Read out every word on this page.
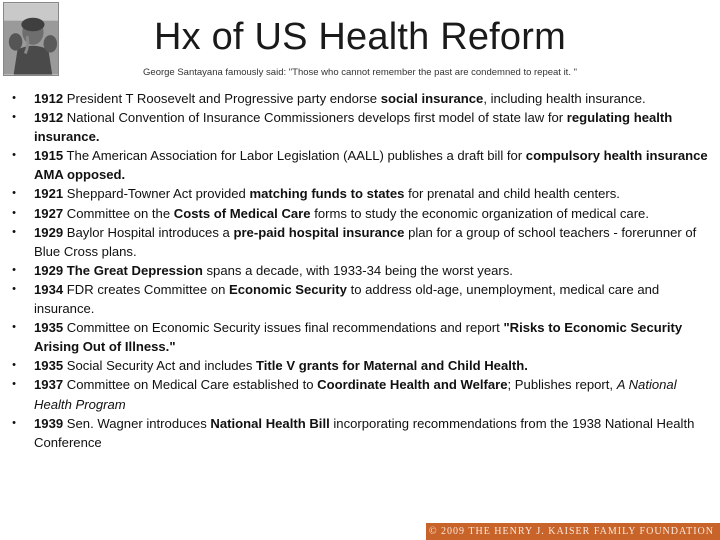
Hx of US Health Reform

George Santayana famously said: "Those who cannot remember the past are condemned to repeat it. "

•	1912 President T Roosevelt and Progressive party endorse social insurance, including health insurance.
•	1912 National Convention of Insurance Commissioners develops first model of state law for regulating health insurance.
•	1915 The American Association for Labor Legislation (AALL) publishes a draft bill for compulsory health insurance AMA opposed.
•	1921 Sheppard-Towner Act provided matching funds to states for prenatal and child health centers.
•	1927 Committee on the Costs of Medical Care forms to study the economic organization of medical care.
•	1929 Baylor Hospital introduces a pre-paid hospital insurance plan for a group of school teachers - forerunner of Blue Cross plans.
•	1929 The Great Depression spans a decade, with 1933-34 being the worst years.
•	1934 FDR creates Committee on Economic Security to address old-age, unemployment, medical care and insurance.
•	1935 Committee on Economic Security issues final recommendations and report "Risks to Economic Security Arising Out of Illness."
•	1935 Social Security Act and includes Title V grants for Maternal and Child Health.
•	1937 Committee on Medical Care established to Coordinate Health and Welfare; Publishes report, A National Health Program
•	1939 Sen. Wagner introduces National Health Bill incorporating recommendations from the 1938 National Health Conference
© 2009 THE HENRY J. KAISER FAMILY FOUNDATION
